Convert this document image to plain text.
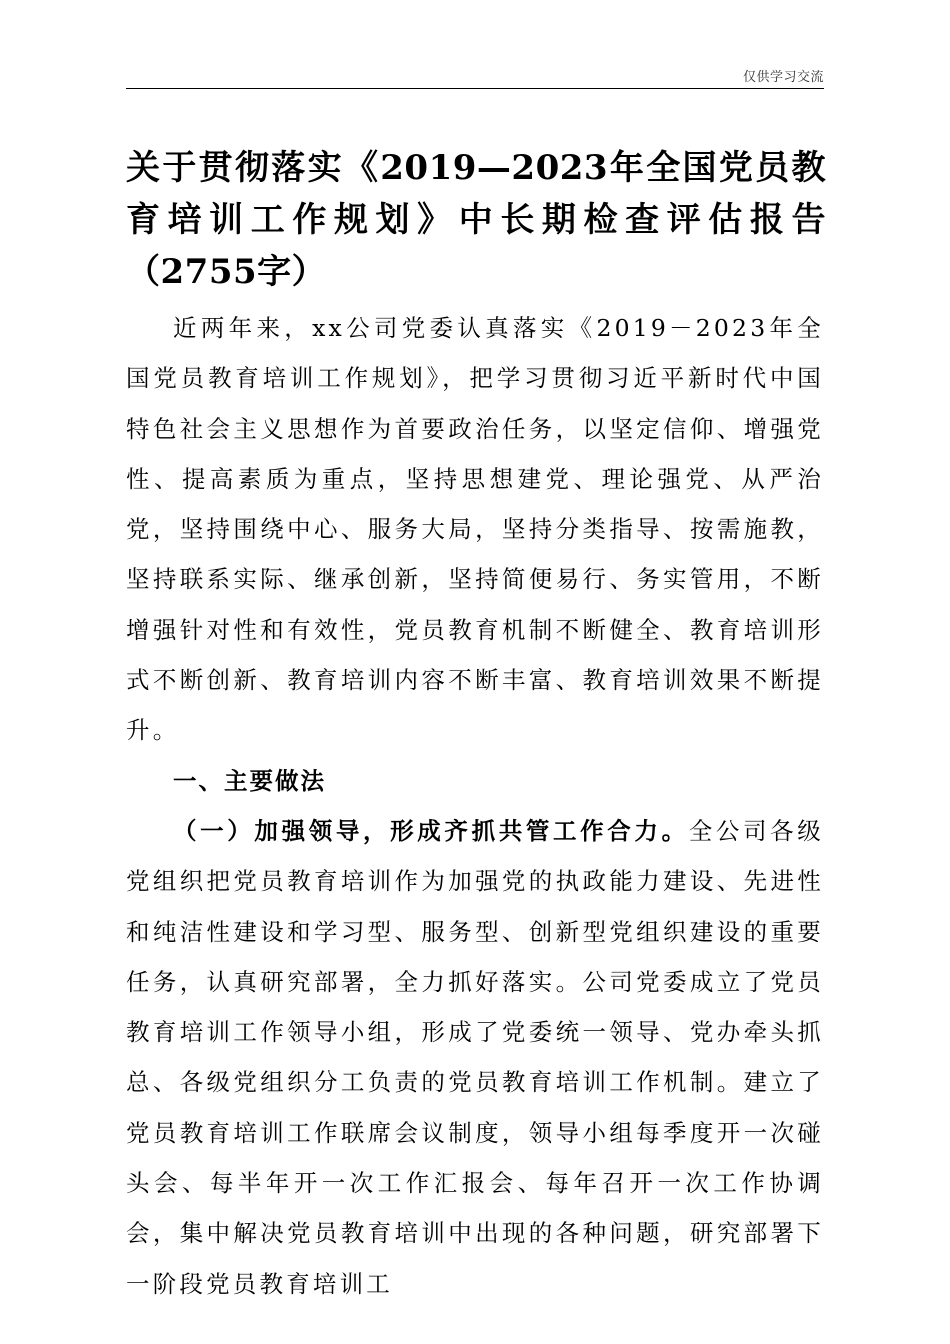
仅供学习交流
关于贯彻落实《2019—2023年全国党员教育培训工作规划》中长期检查评估报告（2755字）

近两年来，xx公司党委认真落实《2019－2023年全国党员教育培训工作规划》，把学习贯彻习近平新时代中国特色社会主义思想作为首要政治任务，以坚定信仰、增强党性、提高素质为重点，坚持思想建党、理论强党、从严治党，坚持围绕中心、服务大局，坚持分类指导、按需施教，坚持联系实际、继承创新，坚持简便易行、务实管用，不断增强针对性和有效性，党员教育机制不断健全、教育培训形式不断创新、教育培训内容不断丰富、教育培训效果不断提升。

一、主要做法

（一）加强领导，形成齐抓共管工作合力。全公司各级党组织把党员教育培训作为加强党的执政能力建设、先进性和纯洁性建设和学习型、服务型、创新型党组织建设的重要任务，认真研究部署，全力抓好落实。公司党委成立了党员教育培训工作领导小组，形成了党委统一领导、党办牵头抓总、各级党组织分工负责的党员教育培训工作机制。建立了党员教育培训工作联席会议制度，领导小组每季度开一次碰头会、每半年开一次工作汇报会、每年召开一次工作协调会，集中解决党员教育培训中出现的各种问题，研究部署下一阶段党员教育培训工
